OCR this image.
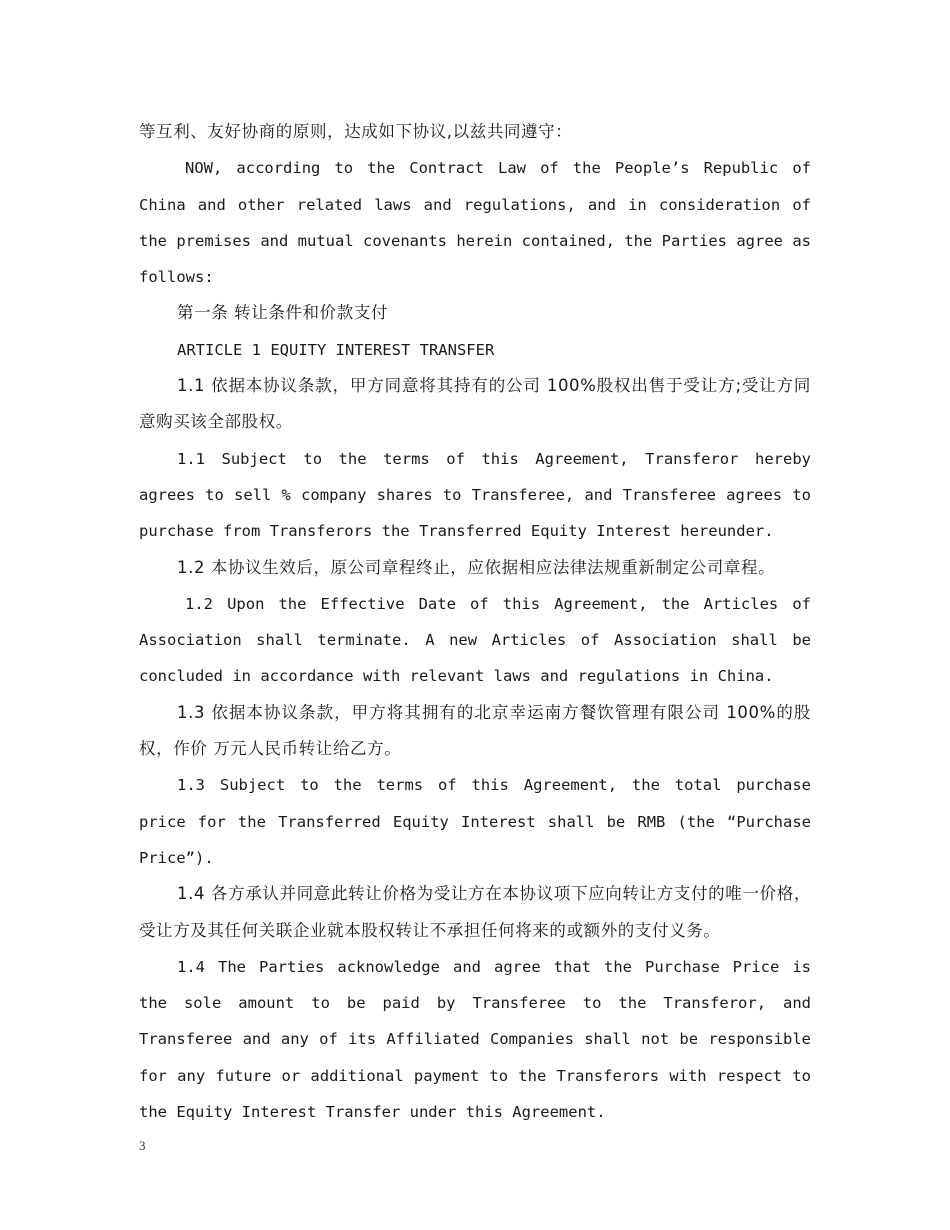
等互利、友好协商的原则，达成如下协议,以兹共同遵守：

NOW, according to the Contract Law of the People’s Republic of China and other related laws and regulations, and in consideration of the premises and mutual covenants herein contained, the Parties agree as follows:

第一条 转让条件和价款支付

ARTICLE 1 EQUITY INTEREST TRANSFER

1.1 依据本协议条款，甲方同意将其持有的公司 100%股权出售于受让方;受让方同意购买该全部股权。

1.1 Subject to the terms of this Agreement, Transferor hereby agrees to sell % company shares to Transferee, and Transferee agrees to purchase from Transferors the Transferred Equity Interest hereunder.

1.2 本协议生效后，原公司章程终止，应依据相应法律法规重新制定公司章程。

1.2 Upon the Effective Date of this Agreement, the Articles of Association shall terminate. A new Articles of Association shall be concluded in accordance with relevant laws and regulations in China.

1.3 依据本协议条款，甲方将其拥有的北京幸运南方餐饮管理有限公司 100%的股权，作价 万元人民币转让给乙方。

1.3 Subject to the terms of this Agreement, the total purchase price for the Transferred Equity Interest shall be RMB (the “Purchase Price”).

1.4 各方承认并同意此转让价格为受让方在本协议项下应向转让方支付的唯一价格，受让方及其任何关联企业就本股权转让不承担任何将来的或额外的支付义务。

1.4 The Parties acknowledge and agree that the Purchase Price is the sole amount to be paid by Transferee to the Transferor, and Transferee and any of its Affiliated Companies shall not be responsible for any future or additional payment to the Transferors with respect to the Equity Interest Transfer under this Agreement.

3
